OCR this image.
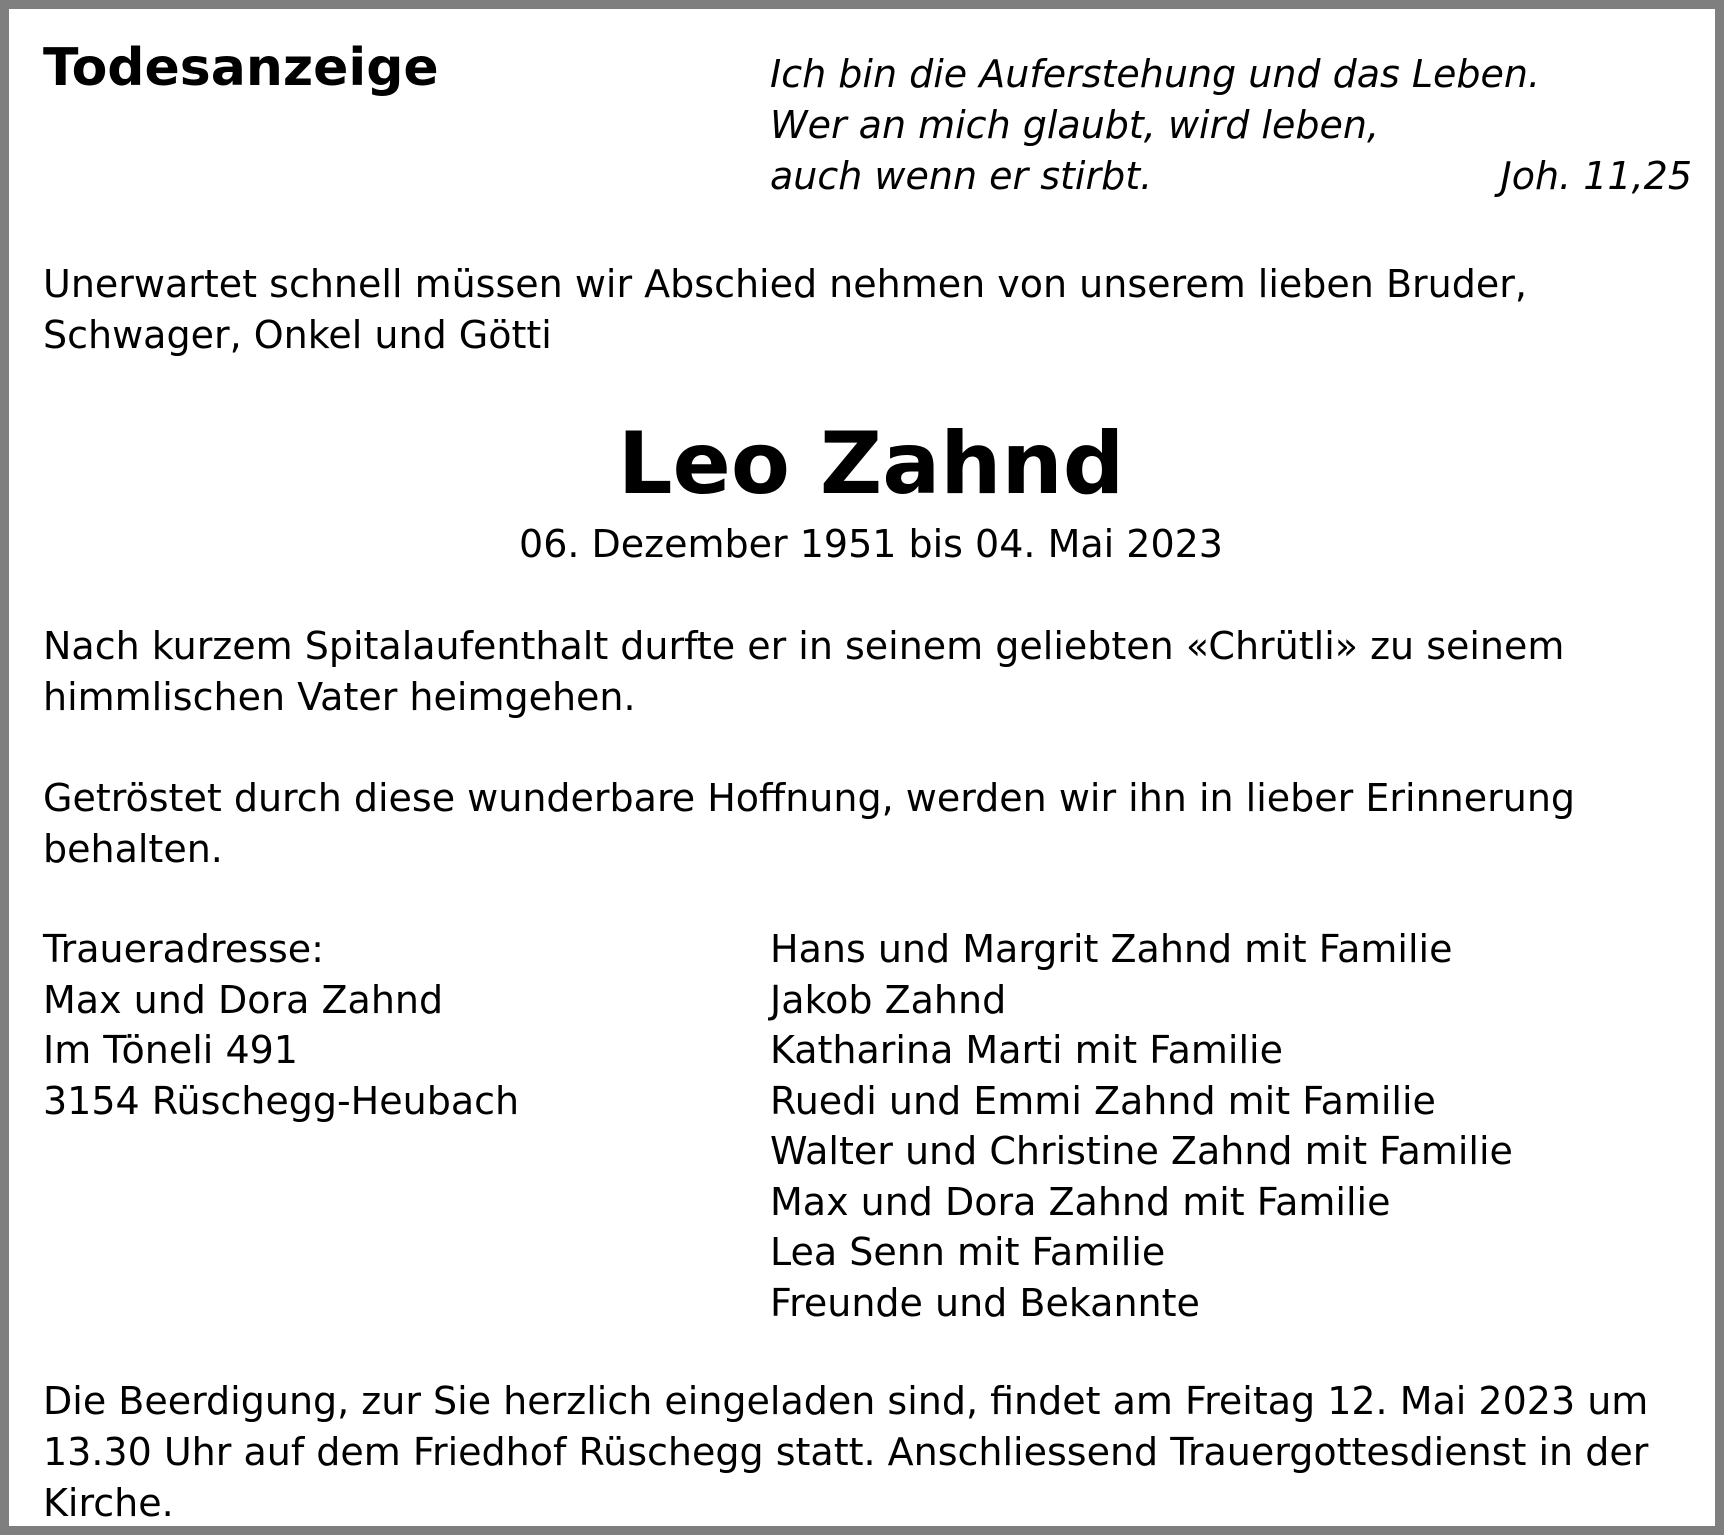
Todesanzeige	Ich bin die Auferstehung und das Leben.
Wer an mich glaubt, wird leben,
auch wenn er stirbt.	Joh. 11,25

Unerwartet schnell müssen wir Abschied nehmen von unserem lieben Bruder,
Schwager, Onkel und Götti

Leo Zahnd
06. Dezember 1951 bis 04. Mai 2023

Nach kurzem Spitalaufenthalt durfte er in seinem geliebten «Chrütli» zu seinem
himmlischen Vater heimgehen.

Getröstet durch diese wunderbare Hoffnung, werden wir ihn in lieber Erinnerung
behalten.

Traueradresse:
Max und Dora Zahnd
Im Töneli 491
3154 Rüschegg-Heubach
Hans und Margrit Zahnd mit Familie
Jakob Zahnd
Katharina Marti mit Familie
Ruedi und Emmi Zahnd mit Familie
Walter und Christine Zahnd mit Familie
Max und Dora Zahnd mit Familie
Lea Senn mit Familie
Freunde und Bekannte

Die Beerdigung, zur Sie herzlich eingeladen sind, findet am Freitag 12. Mai 2023 um
13.30 Uhr auf dem Friedhof Rüschegg statt. Anschliessend Trauergottesdienst in der
Kirche.
